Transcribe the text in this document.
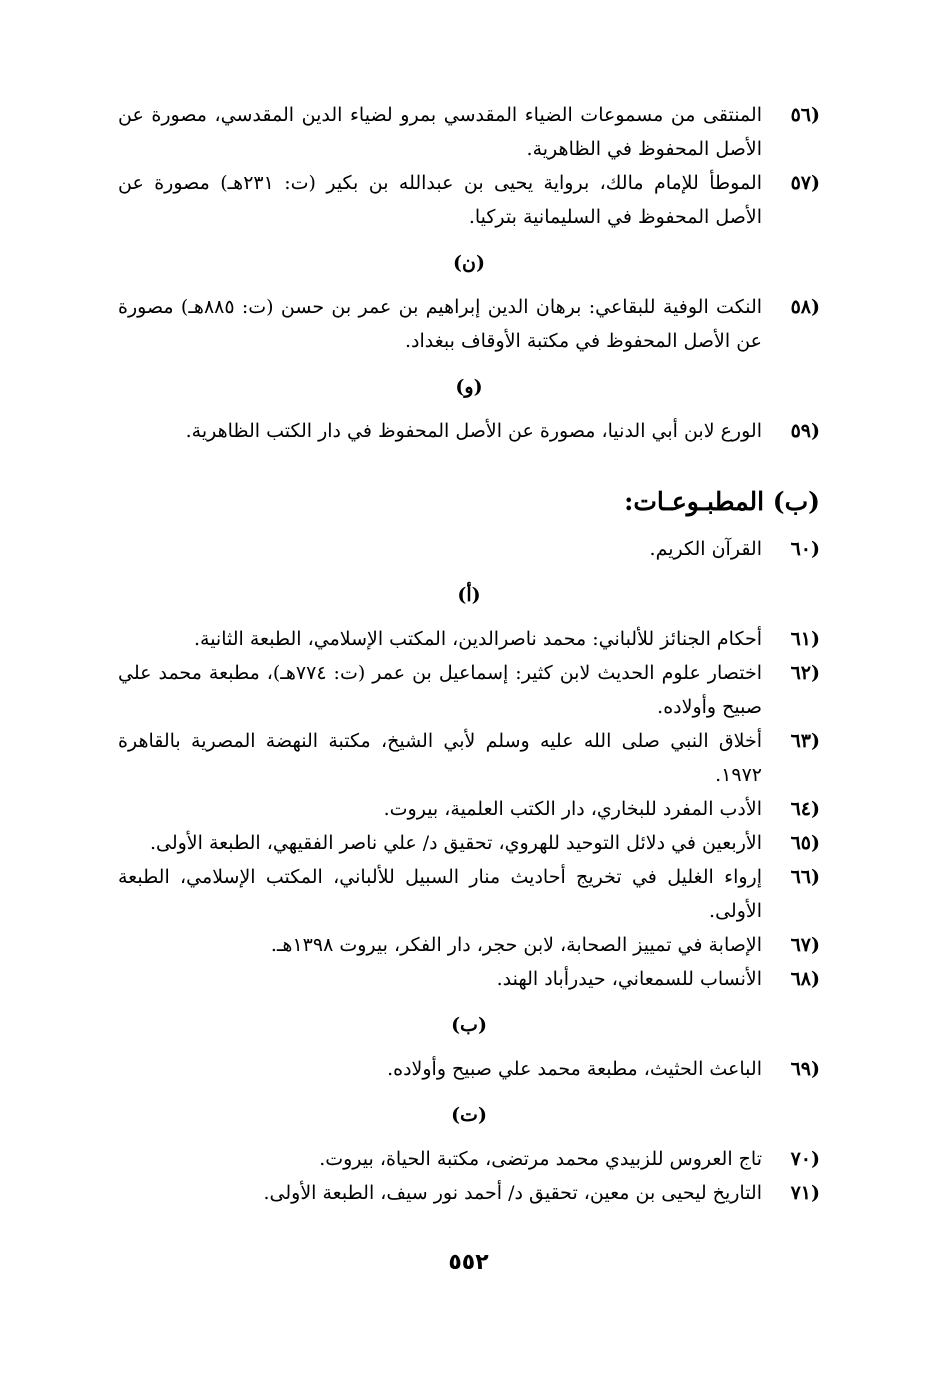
(٥٦
المنتقى من مسموعات الضياء المقدسي بمرو لضياء الدين المقدسي، مصورة عن الأصل المحفوظ في الظاهرية.
(٥٧
الموطأ للإمام مالك، برواية يحيى بن عبدالله بن بكير (ت: ٢٣١هـ) مصورة عن الأصل المحفوظ في السليمانية بتركيا.
(ن)
(٥٨
النكت الوفية للبقاعي: برهان الدين إبراهيم بن عمر بن حسن (ت: ٨٨٥هـ) مصورة عن الأصل المحفوظ في مكتبة الأوقاف ببغداد.
(و)
(٥٩
الورع لابن أبي الدنيا، مصورة عن الأصل المحفوظ في دار الكتب الظاهرية.
(ب) المطبـوعـات:
(٦٠
القرآن الكريم.
(أ)
(٦١
أحكام الجنائز للألباني: محمد ناصرالدين، المكتب الإسلامي، الطبعة الثانية.
(٦٢
اختصار علوم الحديث لابن كثير: إسماعيل بن عمر (ت: ٧٧٤هـ)، مطبعة محمد علي صبيح وأولاده.
(٦٣
أخلاق النبي صلى الله عليه وسلم لأبي الشيخ، مكتبة النهضة المصرية بالقاهرة ١٩٧٢.
(٦٤
الأدب المفرد للبخاري، دار الكتب العلمية، بيروت.
(٦٥
الأربعين في دلائل التوحيد للهروي، تحقيق د/ علي ناصر الفقيهي، الطبعة الأولى.
(٦٦
إرواء الغليل في تخريج أحاديث منار السبيل للألباني، المكتب الإسلامي، الطبعة الأولى.
(٦٧
الإصابة في تمييز الصحابة، لابن حجر، دار الفكر، بيروت ١٣٩٨هـ.
(٦٨
الأنساب للسمعاني، حيدرأباد الهند.
(ب)
(٦٩
الباعث الحثيث، مطبعة محمد علي صبيح وأولاده.
(ت)
(٧٠
تاج العروس للزبيدي محمد مرتضى، مكتبة الحياة، بيروت.
(٧١
التاريخ ليحيى بن معين، تحقيق د/ أحمد نور سيف، الطبعة الأولى.
٥٥٢
